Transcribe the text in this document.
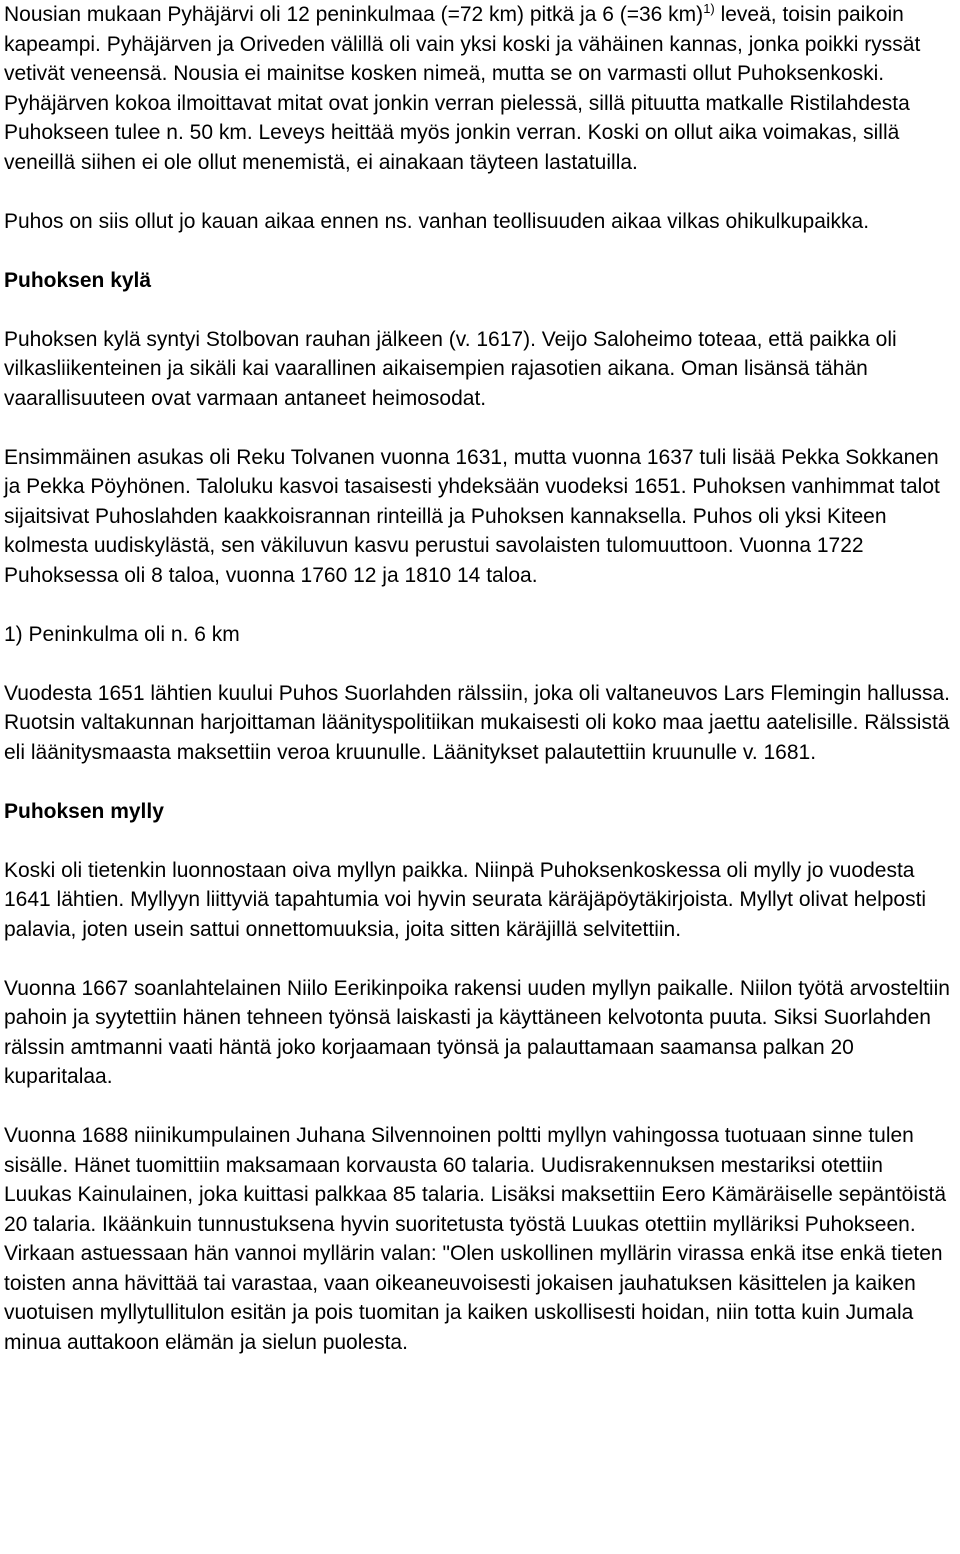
Nousian mukaan Pyhäjärvi oli 12 peninkulmaa (=72 km) pitkä ja 6 (=36 km)$^{1)}$ leveä, toisin paikoin kapeampi. Pyhäjärven ja Oriveden välillä oli vain yksi koski ja vähäinen kannas, jonka poikki ryssät vetivät veneensä. Nousia ei mainitse kosken nimeä, mutta se on varmasti ollut Puhoksenkoski. Pyhäjärven kokoa ilmoittavat mitat ovat jonkin verran pielessä, sillä pituutta matkalle Ristilahdesta Puhokseen tulee n. 50 km. Leveys heittää myös jonkin verran. Koski on ollut aika voimakas, sillä veneillä siihen ei ole ollut menemistä, ei ainakaan täyteen lastatuilla.

Puhos on siis ollut jo kauan aikaa ennen ns. vanhan teollisuuden aikaa vilkas ohikulkupaikka.

Puhoksen kylä

Puhoksen kylä syntyi Stolbovan rauhan jälkeen (v. 1617). Veijo Saloheimo toteaa, että paikka oli vilkasliikenteinen ja sikäli kai vaarallinen aikaisempien rajasotien aikana. Oman lisänsä tähän vaarallisuuteen ovat varmaan antaneet heimosodat.

Ensimmäinen asukas oli Reku Tolvanen vuonna 1631, mutta vuonna 1637 tuli lisää Pekka Sokkanen ja Pekka Pöyhönen. Taloluku kasvoi tasaisesti yhdeksään vuodeksi 1651. Puhoksen vanhimmat talot sijaitsivat Puhoslahden kaakkoisrannan rinteillä ja Puhoksen kannaksella. Puhos oli yksi Kiteen kolmesta uudiskylästä, sen väkiluvun kasvu perustui savolaisten tulomuuttoon. Vuonna 1722 Puhoksessa oli 8 taloa, vuonna 1760 12 ja 1810 14 taloa.

1) Peninkulma oli n. 6 km

Vuodesta 1651 lähtien kuului Puhos Suorlahden rälssiin, joka oli valtaneuvos Lars Flemingin hallussa. Ruotsin valtakunnan harjoittaman läänityspolitiikan mukaisesti oli koko maa jaettu aatelisille. Rälssistä eli läänitysmaasta maksettiin veroa kruunulle. Läänitykset palautettiin kruunulle v. 1681.

Puhoksen mylly

Koski oli tietenkin luonnostaan oiva myllyn paikka. Niinpä Puhoksenkoskessa oli mylly jo vuodesta 1641 lähtien. Myllyyn liittyviä tapahtumia voi hyvin seurata käräjäpöytäkirjoista. Myllyt olivat helposti palavia, joten usein sattui onnettomuuksia, joita sitten käräjillä selvitettiin.

Vuonna 1667 soanlahtelainen Niilo Eerikinpoika rakensi uuden myllyn paikalle. Niilon työtä arvosteltiin pahoin ja syytettiin hänen tehneen työnsä laiskasti ja käyttäneen kelvotonta puuta. Siksi Suorlahden rälssin amtmanni vaati häntä joko korjaamaan työnsä ja palauttamaan saamansa palkan 20 kuparitalaa.

Vuonna 1688 niinikumpulainen Juhana Silvennoinen poltti myllyn vahingossa tuotuaan sinne tulen sisälle. Hänet tuomittiin maksamaan korvausta 60 talaria. Uudisrakennuksen mestariksi otettiin Luukas Kainulainen, joka kuittasi palkkaa 85 talaria. Lisäksi maksettiin Eero Kämäräiselle sepäntöistä 20 talaria. Ikäänkuin tunnustuksena hyvin suoritetusta työstä Luukas otettiin mylläriksi Puhokseen. Virkaan astuessaan hän vannoi myllärin valan: "Olen uskollinen myllärin virassa enkä itse enkä tieten toisten anna hävittää tai varastaa, vaan oikeaneuvoisesti jokaisen jauhatuksen käsittelen ja kaiken vuotuisen myllytullitulon esitän ja pois tuomitan ja kaiken uskollisesti hoidan, niin totta kuin Jumala minua auttakoon elämän ja sielun puolesta.
